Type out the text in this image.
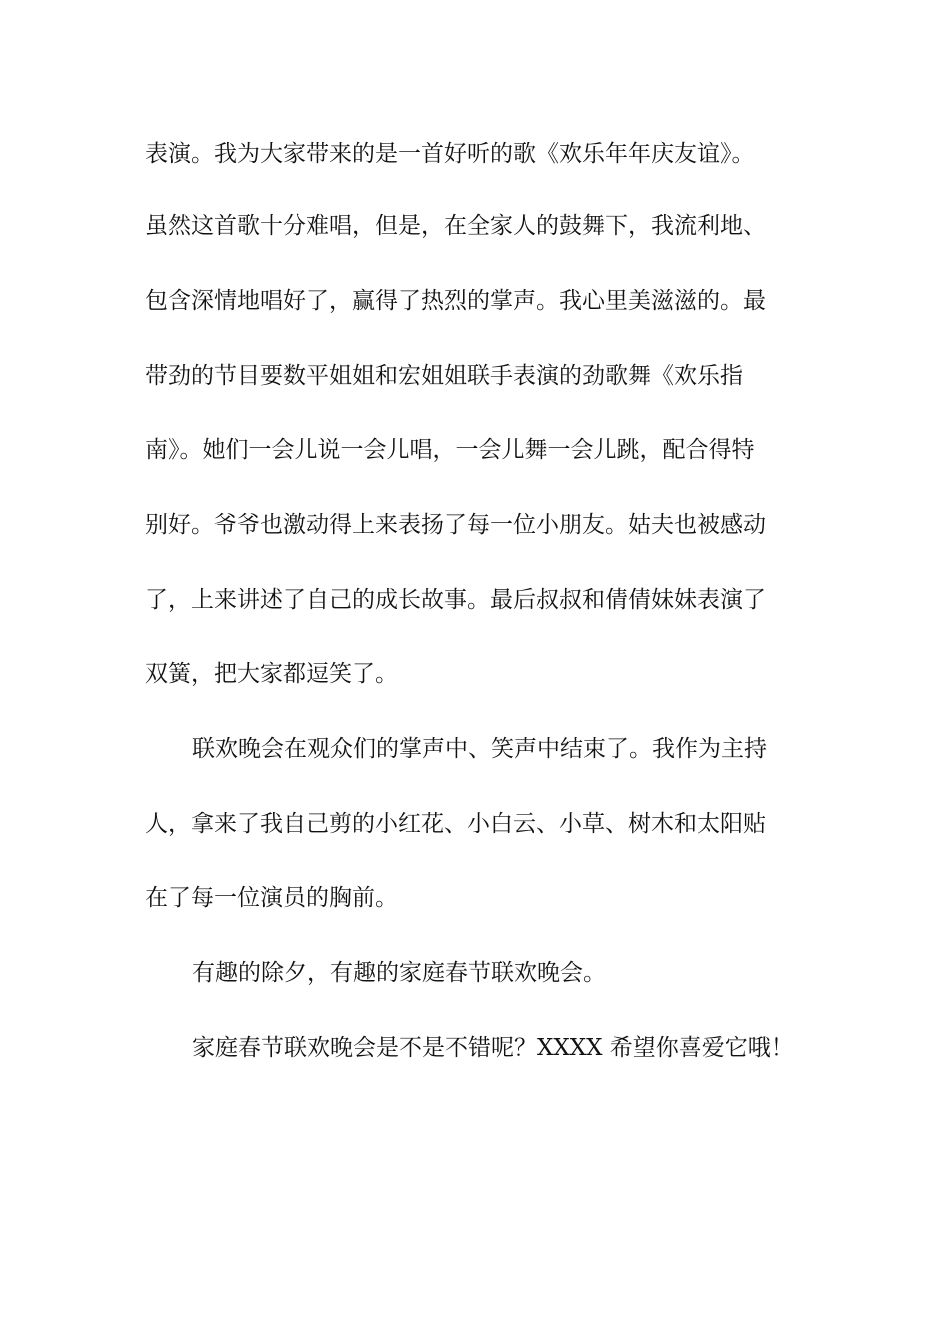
表演。我为大家带来的是一首好听的歌《欢乐年年庆友谊》。
虽然这首歌十分难唱，但是，在全家人的鼓舞下，我流利地、
包含深情地唱好了，赢得了热烈的掌声。我心里美滋滋的。最
带劲的节目要数平姐姐和宏姐姐联手表演的劲歌舞《欢乐指
南》。她们一会儿说一会儿唱，一会儿舞一会儿跳，配合得特
别好。爷爷也激动得上来表扬了每一位小朋友。姑夫也被感动
了，上来讲述了自己的成长故事。最后叔叔和倩倩妹妹表演了
双簧，把大家都逗笑了。
联欢晚会在观众们的掌声中、笑声中结束了。我作为主持
人，拿来了我自己剪的小红花、小白云、小草、树木和太阳贴
在了每一位演员的胸前。
有趣的除夕，有趣的家庭春节联欢晚会。
家庭春节联欢晚会是不是不错呢？XXXX 希望你喜爱它哦！
